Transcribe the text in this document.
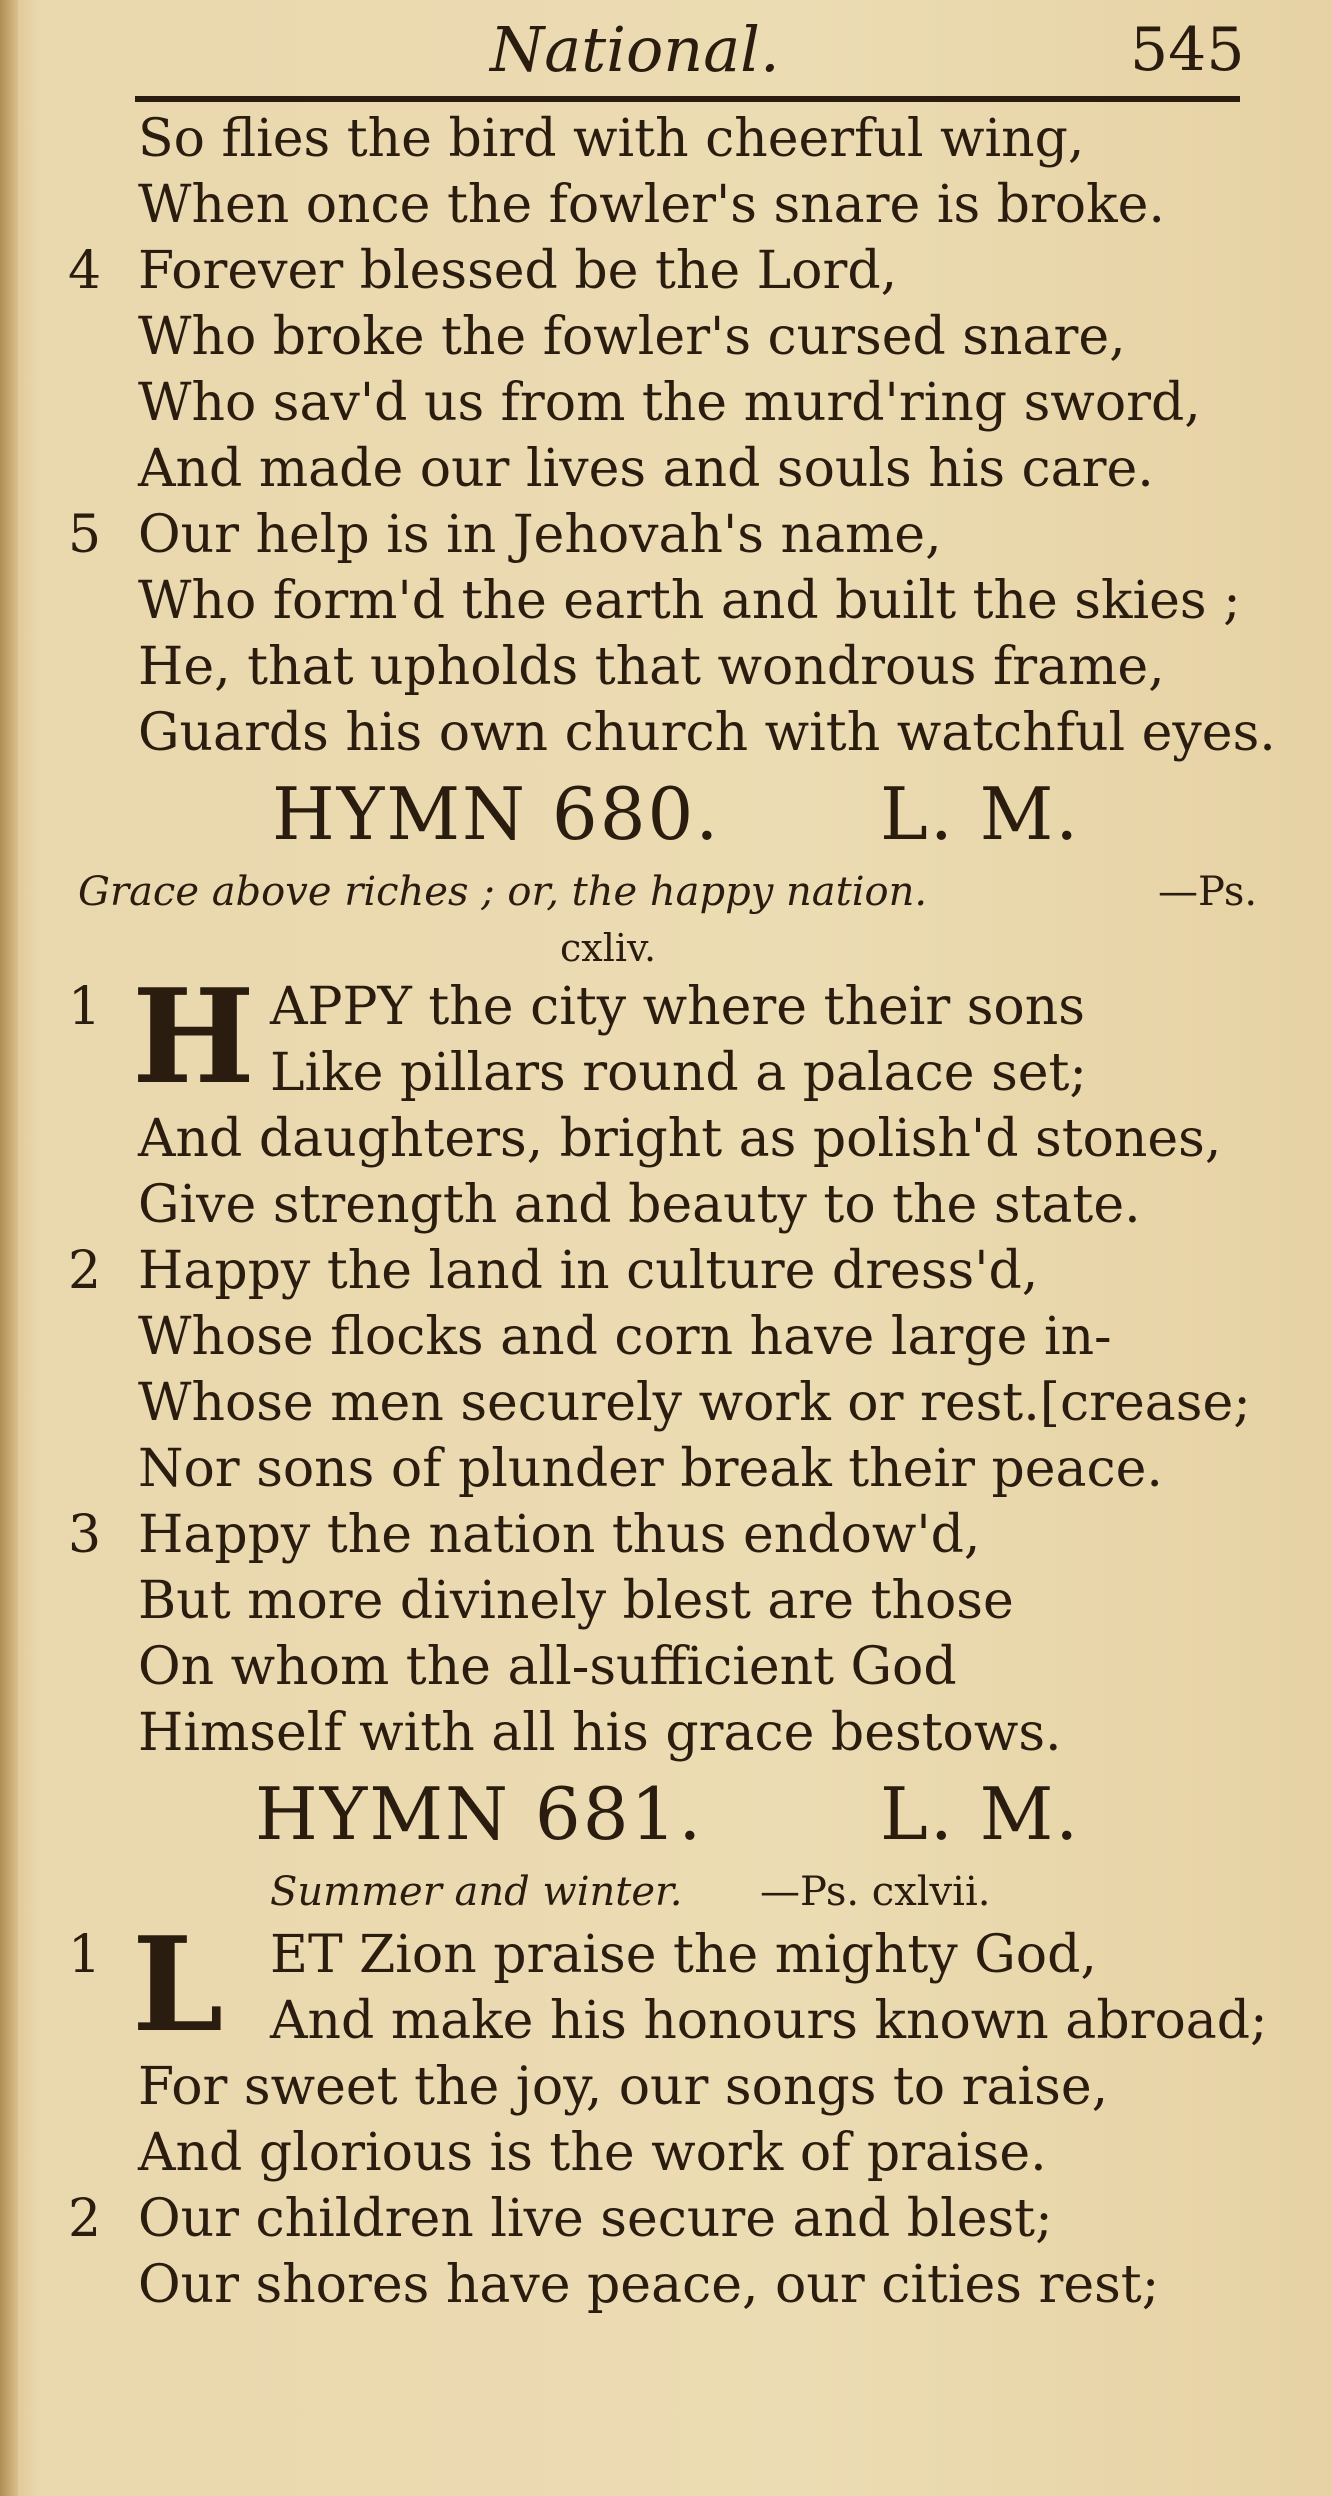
National.	545
So flies the bird with cheerful wing,
When once the fowler's snare is broke.
4 Forever blessed be the Lord,
Who broke the fowler's cursed snare,
Who sav'd us from the murd'ring sword,
And made our lives and souls his care.
5 Our help is in Jehovah's name,
Who form'd the earth and built the skies ;
He, that upholds that wondrous frame,
Guards his own church with watchful eyes.
HYMN 680. L. M.
Grace above riches ; or, the happy nation.	—Ps.
cxliv.
1 H APPY the city where their sons
Like pillars round a palace set;
And daughters, bright as polish'd stones,
Give strength and beauty to the state.
2 Happy the land in culture dress'd,
Whose flocks and corn have large in-
Whose men securely work or rest.[crease;
Nor sons of plunder break their peace.
3 Happy the nation thus endow'd,
But more divinely blest are those
On whom the all-sufficient God
Himself with all his grace bestows.
HYMN 681. L. M.
Summer and winter. —Ps. cxlvii.
1 L ET Zion praise the mighty God,
And make his honours known abroad;
For sweet the joy, our songs to raise,
And glorious is the work of praise.
2 Our children live secure and blest;
Our shores have peace, our cities rest;
